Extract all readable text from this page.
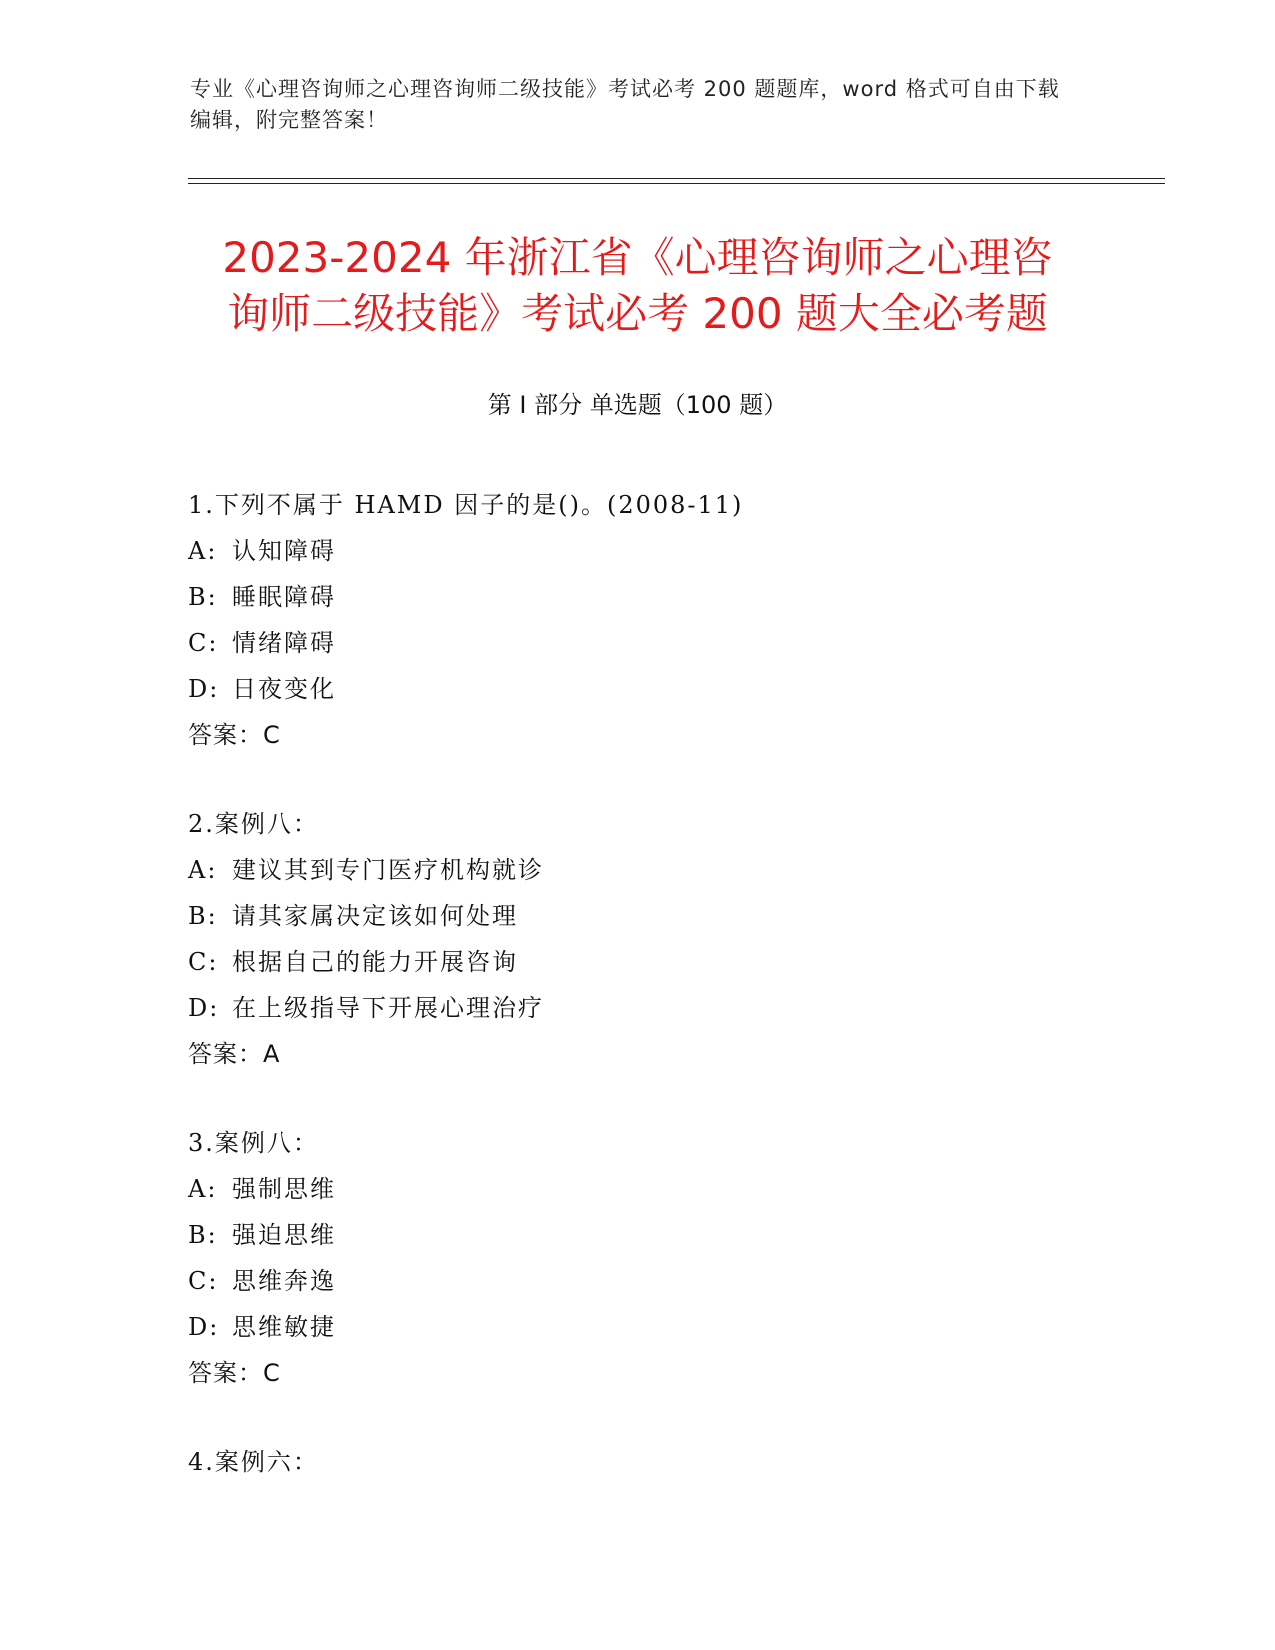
专业《心理咨询师之心理咨询师二级技能》考试必考 200 题题库，word 格式可自由下载编辑，附完整答案！
2023-2024 年浙江省《心理咨询师之心理咨
询师二级技能》考试必考 200 题大全必考题
第 I 部分 单选题（100 题）
1.下列不属于 HAMD 因子的是()。(2008-11)
A: 认知障碍
B: 睡眠障碍
C: 情绪障碍
D: 日夜变化
答案：C
2.案例八：
A: 建议其到专门医疗机构就诊
B: 请其家属决定该如何处理
C: 根据自己的能力开展咨询
D: 在上级指导下开展心理治疗
答案：A
3.案例八：
A: 强制思维
B: 强迫思维
C: 思维奔逸
D: 思维敏捷
答案：C
4.案例六：
